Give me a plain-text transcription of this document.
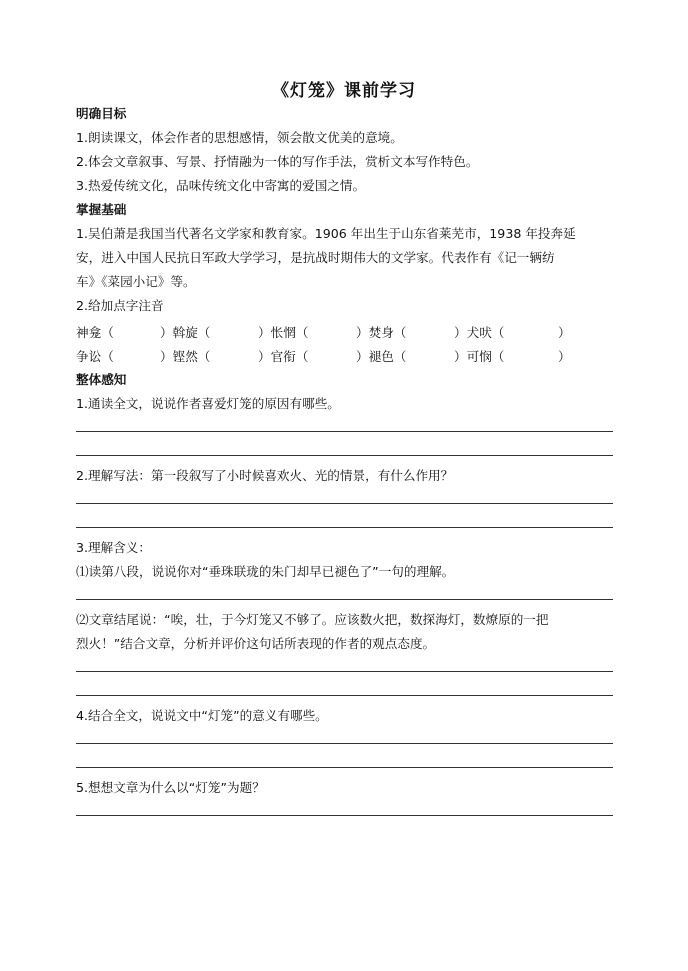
《灯笼》课前学习
明确目标
1.朗读课文，体会作者的思想感情，领会散文优美的意境。
2.体会文章叙事、写景、抒情融为一体的写作手法，赏析文本写作特色。
3.热爱传统文化，品味传统文化中寄寓的爱国之情。
掌握基础
1.吴伯萧是我国当代著名文学家和教育家。1906 年出生于山东省莱芜市，1938 年投奔延
安，进入中国人民抗日军政大学学习，是抗战时期伟大的文学家。代表作有《记一辆纺
车》《菜园小记》等。
2.给加点字注音
神龛（	）斡旋（	）怅惘（	）焚身（	）犬吠（	）
争讼（	）铿然（	）官衔（	）褪色（	）可悯（	）
整体感知
1.通读全文，说说作者喜爱灯笼的原因有哪些。
2.理解写法：第一段叙写了小时候喜欢火、光的情景，有什么作用？
3.理解含义：
⑴读第八段，说说你对“垂珠联珑的朱门却早已褪色了”一句的理解。
⑵文章结尾说：“唉，壮，于今灯笼又不够了。应该数火把，数探海灯，数燎原的一把
烈火！”结合文章，分析并评价这句话所表现的作者的观点态度。
4.结合全文，说说文中“灯笼”的意义有哪些。
5.想想文章为什么以“灯笼”为题？
